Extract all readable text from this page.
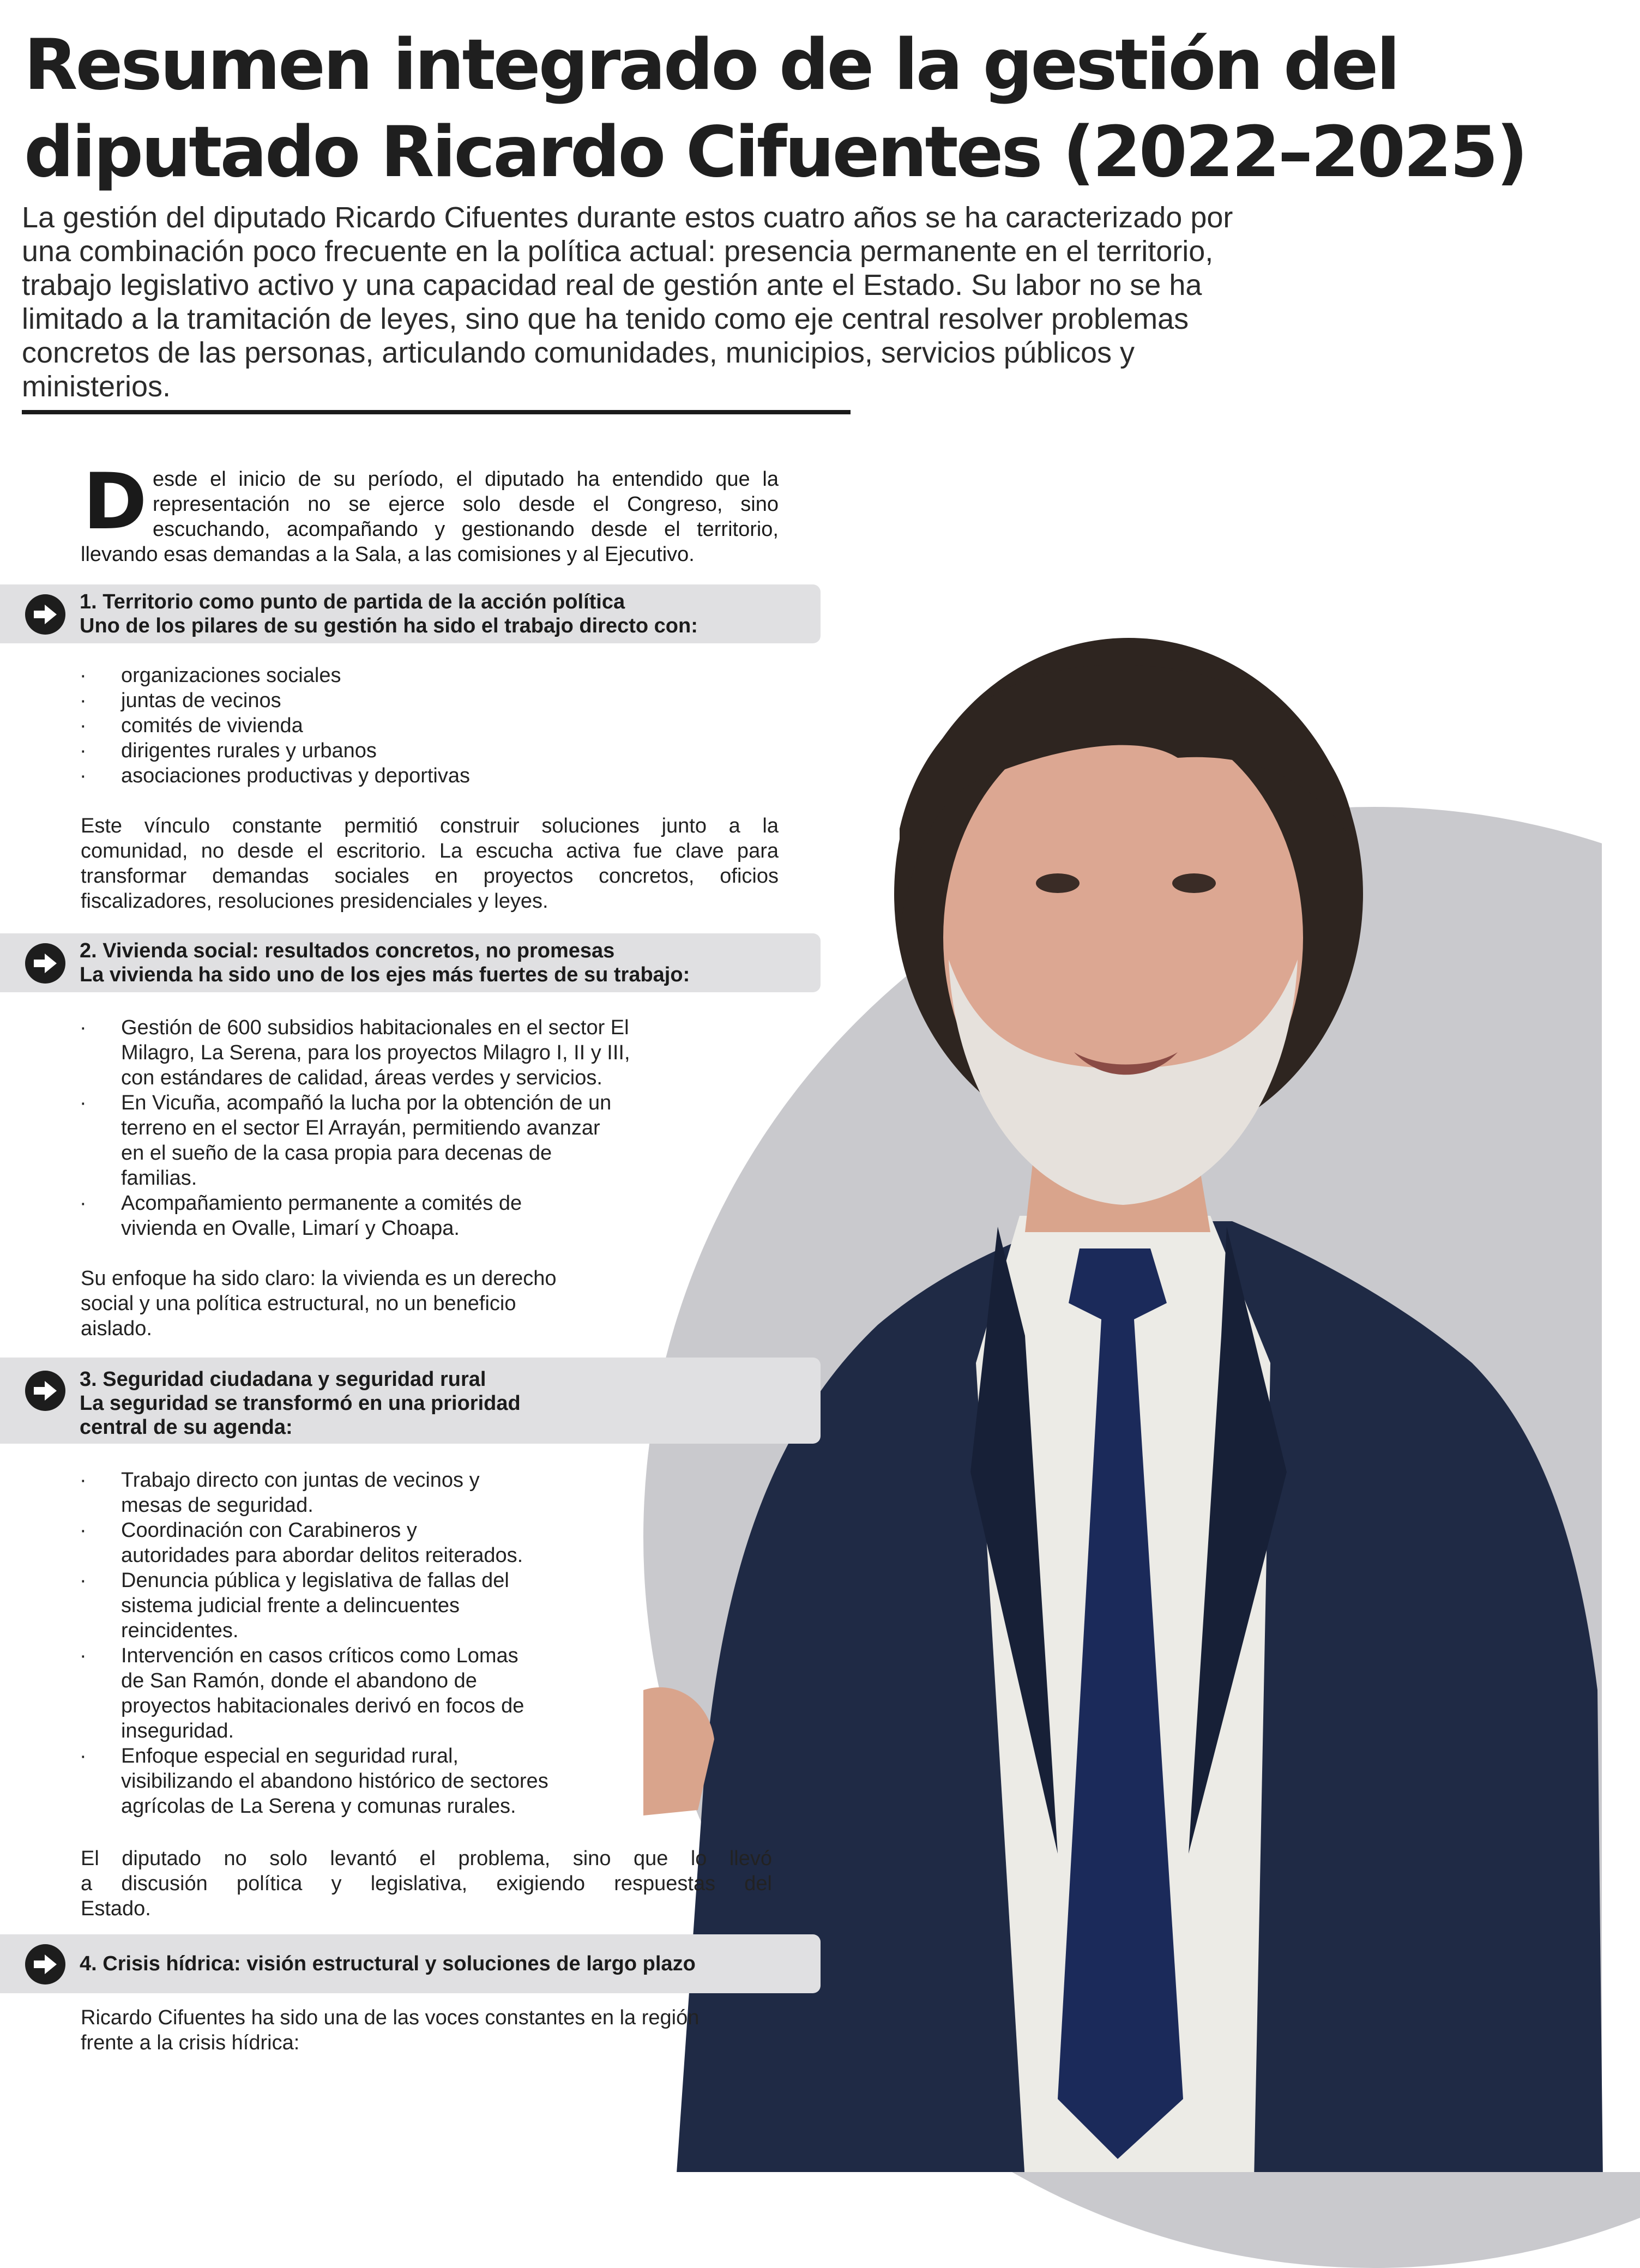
Resumen integrado de la gestión del
diputado Ricardo Cifuentes (2022–2025)
La gestión del diputado Ricardo Cifuentes durante estos cuatro años se ha caracterizado por
una combinación poco frecuente en la política actual: presencia permanente en el territorio,
trabajo legislativo activo y una capacidad real de gestión ante el Estado. Su labor no se ha
limitado a la tramitación de leyes, sino que ha tenido como eje central resolver problemas
concretos de las personas, articulando comunidades, municipios, servicios públicos y
ministerios.
D esde el inicio de su período, el diputado ha entendido que la
representación no se ejerce solo desde el Congreso, sino
escuchando, acompañando y gestionando desde el territorio,
llevando esas demandas a la Sala, a las comisiones y al Ejecutivo.
1. Territorio como punto de partida de la acción política
Uno de los pilares de su gestión ha sido el trabajo directo con:
· organizaciones sociales
· juntas de vecinos
· comités de vivienda
· dirigentes rurales y urbanos
· asociaciones productivas y deportivas
Este vínculo constante permitió construir soluciones junto a la
comunidad, no desde el escritorio. La escucha activa fue clave para
transformar demandas sociales en proyectos concretos, oficios
fiscalizadores, resoluciones presidenciales y leyes.
2. Vivienda social: resultados concretos, no promesas
La vivienda ha sido uno de los ejes más fuertes de su trabajo:
· Gestión de 600 subsidios habitacionales en el sector El
Milagro, La Serena, para los proyectos Milagro I, II y III,
con estándares de calidad, áreas verdes y servicios.
· En Vicuña, acompañó la lucha por la obtención de un
terreno en el sector El Arrayán, permitiendo avanzar
en el sueño de la casa propia para decenas de
familias.
· Acompañamiento permanente a comités de
vivienda en Ovalle, Limarí y Choapa.
Su enfoque ha sido claro: la vivienda es un derecho
social y una política estructural, no un beneficio
aislado.
3. Seguridad ciudadana y seguridad rural
La seguridad se transformó en una prioridad
central de su agenda:
· Trabajo directo con juntas de vecinos y
mesas de seguridad.
· Coordinación con Carabineros y
autoridades para abordar delitos reiterados.
· Denuncia pública y legislativa de fallas del
sistema judicial frente a delincuentes
reincidentes.
· Intervención en casos críticos como Lomas
de San Ramón, donde el abandono de
proyectos habitacionales derivó en focos de
inseguridad.
· Enfoque especial en seguridad rural,
visibilizando el abandono histórico de sectores
agrícolas de La Serena y comunas rurales.
El diputado no solo levantó el problema, sino que lo llevó
a discusión política y legislativa, exigiendo respuestas del
Estado.
4. Crisis hídrica: visión estructural y soluciones de largo plazo
Ricardo Cifuentes ha sido una de las voces constantes en la región
frente a la crisis hídrica:
